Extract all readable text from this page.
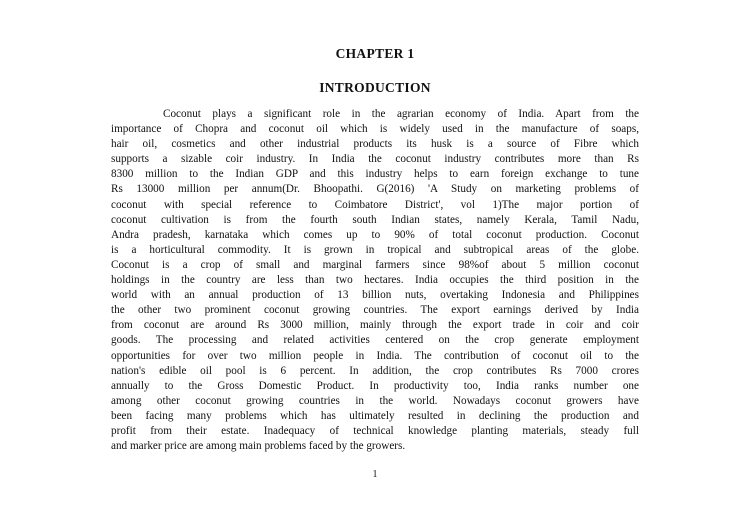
CHAPTER 1
INTRODUCTION
Coconut plays a significant role in the agrarian economy of India. Apart from the
importance of Chopra and coconut oil which is widely used in the manufacture of soaps,
hair oil, cosmetics and other industrial products its husk is a source of Fibre which
supports a sizable coir industry. In India the coconut industry contributes more than Rs
8300 million to the Indian GDP and this industry helps to earn foreign exchange to tune
Rs 13000 million per annum(Dr. Bhoopathi. G(2016) 'A Study on marketing problems of
coconut with special reference to Coimbatore District', vol 1)The major portion of
coconut cultivation is from the fourth south Indian states, namely Kerala, Tamil Nadu,
Andra pradesh, karnataka which comes up to 90% of total coconut production. Coconut
is a horticultural commodity. It is grown in tropical and subtropical areas of the globe.
Coconut is a crop of small and marginal farmers since 98%of about 5 million coconut
holdings in the country are less than two hectares. India occupies the third position in the
world with an annual production of 13 billion nuts, overtaking Indonesia and Philippines
the other two prominent coconut growing countries. The export earnings derived by India
from coconut are around Rs 3000 million, mainly through the export trade in coir and coir
goods. The processing and related activities centered on the crop generate employment
opportunities for over two million people in India. The contribution of coconut oil to the
nation's edible oil pool is 6 percent. In addition, the crop contributes Rs 7000 crores
annually to the Gross Domestic Product. In productivity too, India ranks number one
among other coconut growing countries in the world. Nowadays coconut growers have
been facing many problems which has ultimately resulted in declining the production and
profit from their estate. Inadequacy of technical knowledge planting materials, steady full
and marker price are among main problems faced by the growers.
1
